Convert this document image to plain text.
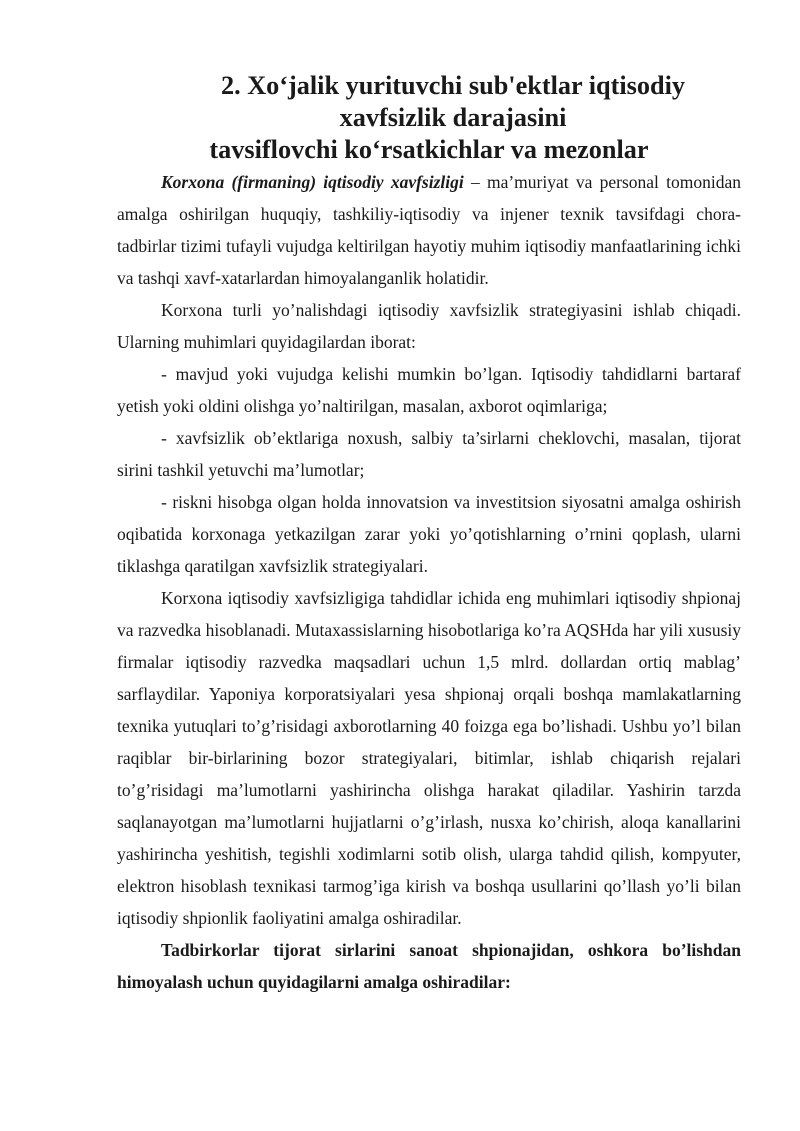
2. Xo‘jalik yurituvchi sub'ektlar iqtisodiy xavfsizlik darajasini
tavsiflovchi ko‘rsatkichlar va mezonlar

Korxona (firmaning) iqtisodiy xavfsizligi – ma’muriyat va personal tomonidan amalga oshirilgan huquqiy, tashkiliy-iqtisodiy va injener texnik tavsifdagi chora-tadbirlar tizimi tufayli vujudga keltirilgan hayotiy muhim iqtisodiy manfaatlarining ichki va tashqi xavf-xatarlardan himoyalanganlik holatidir.

Korxona turli yo’nalishdagi iqtisodiy xavfsizlik strategiyasini ishlab chiqadi. Ularning muhimlari quyidagilardan iborat:

- mavjud yoki vujudga kelishi mumkin bo’lgan. Iqtisodiy tahdidlarni bartaraf yetish yoki oldini olishga yo’naltirilgan, masalan, axborot oqimlariga;

- xavfsizlik ob’ektlariga noxush, salbiy ta’sirlarni cheklovchi, masalan, tijorat sirini tashkil yetuvchi ma’lumotlar;

- riskni hisobga olgan holda innovatsion va investitsion siyosatni amalga oshirish oqibatida korxonaga yetkazilgan zarar yoki yo’qotishlarning o’rnini qoplash, ularni tiklashga qaratilgan xavfsizlik strategiyalari.

Korxona iqtisodiy xavfsizligiga tahdidlar ichida eng muhimlari iqtisodiy shpionaj va razvedka hisoblanadi. Mutaxassislarning hisobotlariga ko’ra AQSHda har yili xususiy firmalar iqtisodiy razvedka maqsadlari uchun 1,5 mlrd. dollardan ortiq mablag’ sarflaydilar. Yaponiya korporatsiyalari yesa shpionaj orqali boshqa mamlakatlarning texnika yutuqlari to’g’risidagi axborotlarning 40 foizga ega bo’lishadi. Ushbu yo’l bilan raqiblar bir-birlarining bozor strategiyalari, bitimlar, ishlab chiqarish rejalari to’g’risidagi ma’lumotlarni yashirincha olishga harakat qiladilar. Yashirin tarzda saqlanayotgan ma’lumotlarni hujjatlarni o’g’irlash, nusxa ko’chirish, aloqa kanallarini yashirincha yeshitish, tegishli xodimlarni sotib olish, ularga tahdid qilish, kompyuter, elektron hisoblash texnikasi tarmog’iga kirish va boshqa usullarini qo’llash yo’li bilan iqtisodiy shpionlik faoliyatini amalga oshiradilar.

Tadbirkorlar tijorat sirlarini sanoat shpionajidan, oshkora bo’lishdan himoyalash uchun quyidagilarni amalga oshiradilar:
